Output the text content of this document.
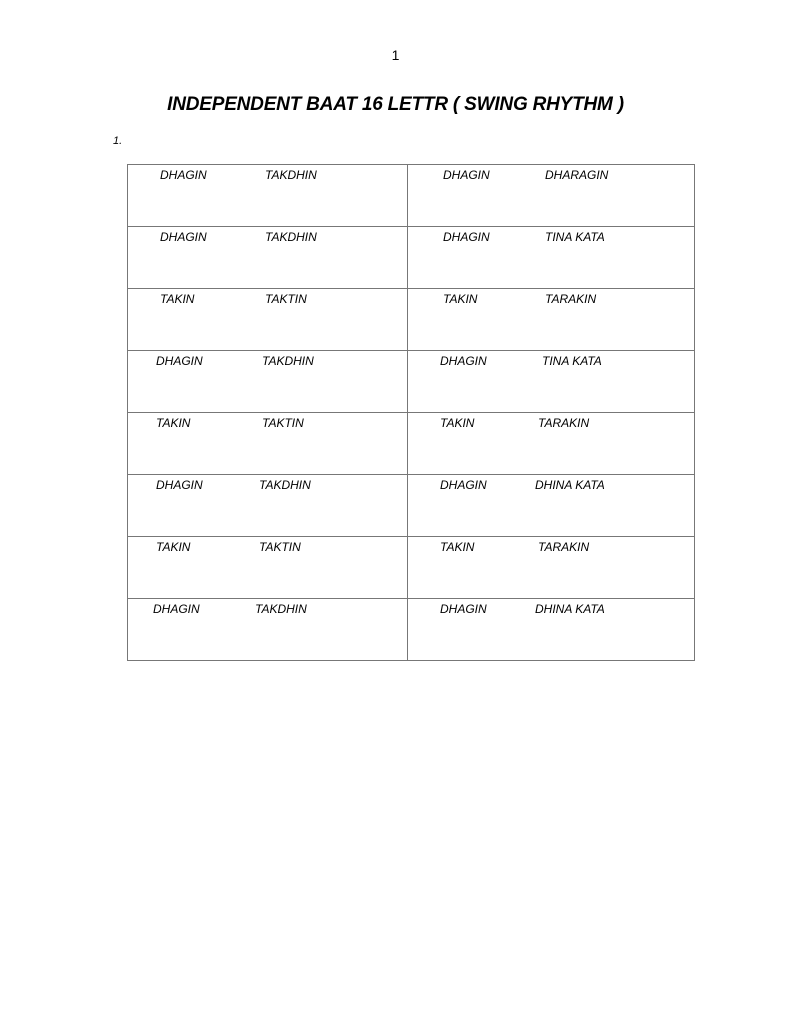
1
INDEPENDENT BAAT 16 LETTR ( SWING RHYTHM )
1.
DHAGIN TAKDHIN	DHAGIN DHARAGIN

DHAGIN TAKDHIN	DHAGIN TINA KATA

TAKIN TAKTIN	TAKIN TARAKIN

DHAGIN TAKDHIN	DHAGIN TINA KATA

TAKIN TAKTIN	TAKIN TARAKIN

DHAGIN TAKDHIN	DHAGIN DHINA KATA

TAKIN TAKTIN	TAKIN TARAKIN

DHAGIN TAKDHIN	DHAGIN DHINA KATA
